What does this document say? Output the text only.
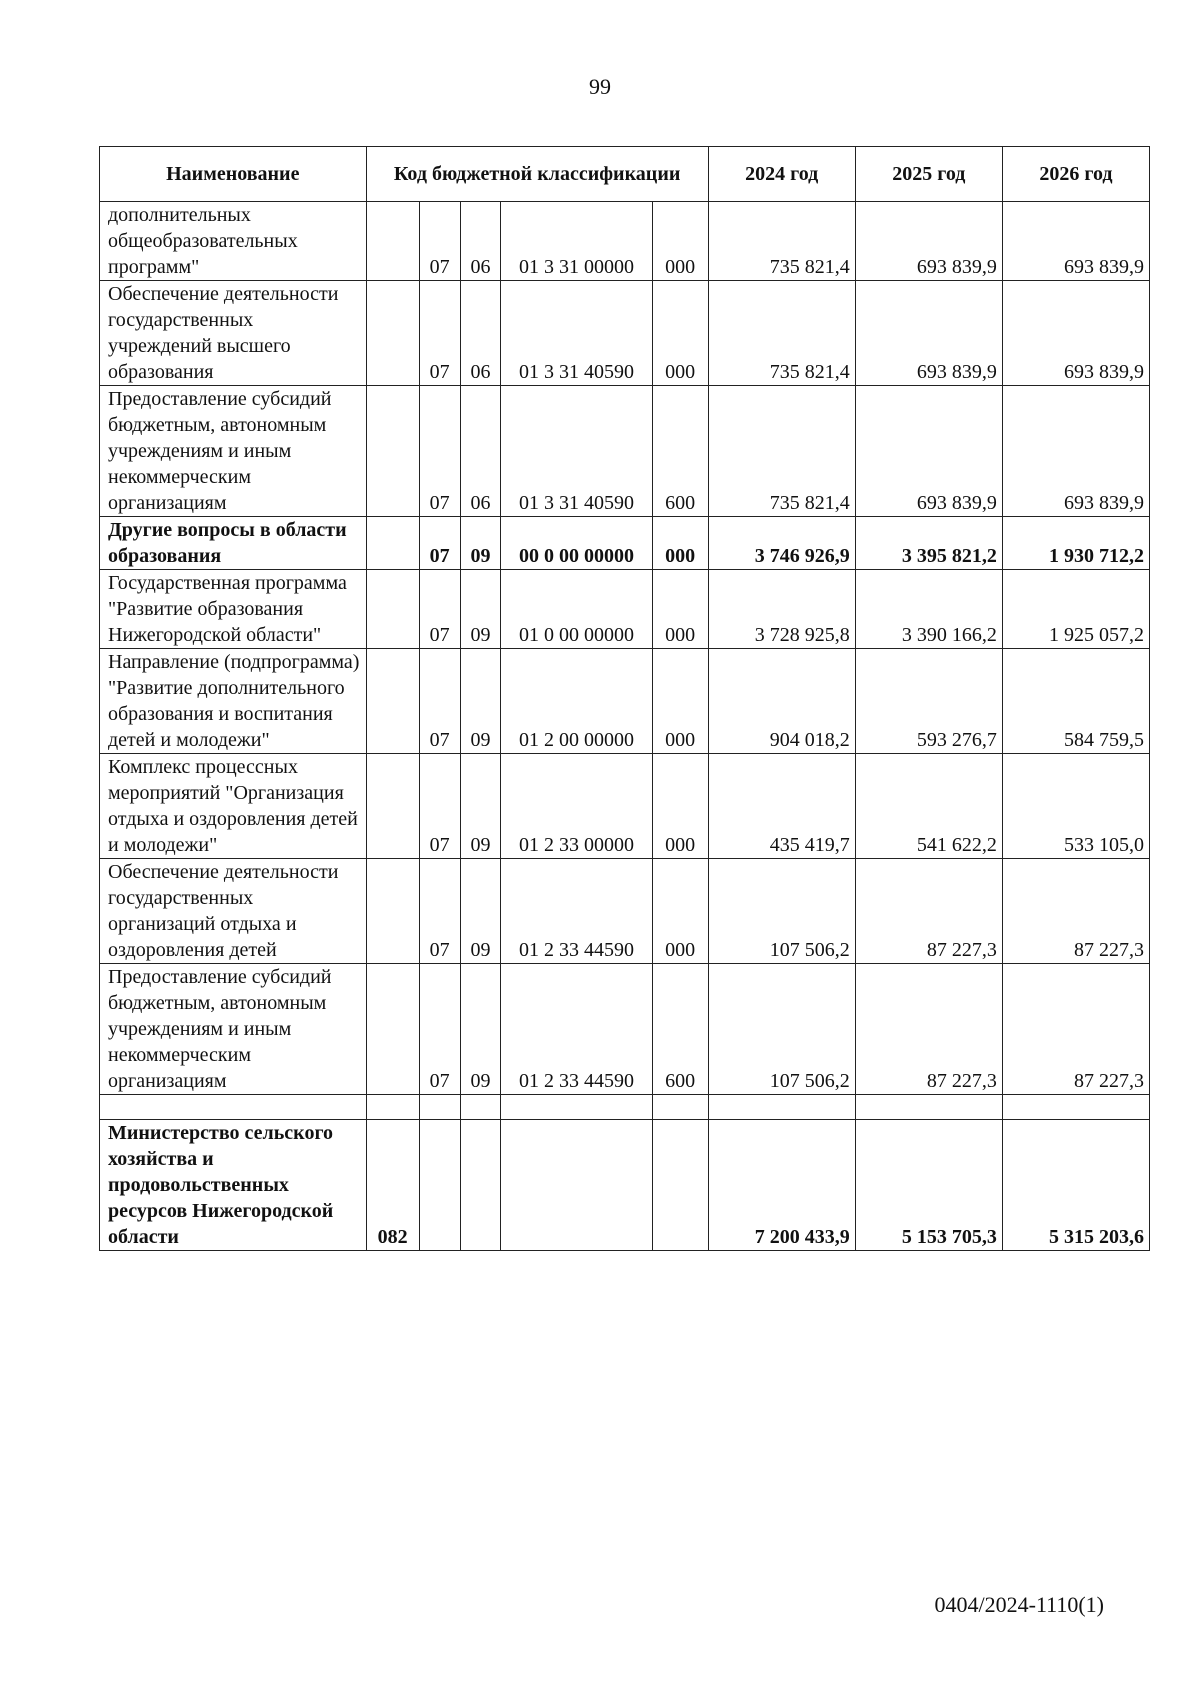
99
Наименование	Код бюджетной классификации					2024 год	2025 год	2026 год
дополнительных общеобразовательных программ"		07	06	01 3 31 00000	000	735 821,4	693 839,9	693 839,9
Обеспечение деятельности государственных учреждений высшего образования		07	06	01 3 31 40590	000	735 821,4	693 839,9	693 839,9
Предоставление субсидий бюджетным, автономным учреждениям и иным некоммерческим организациям		07	06	01 3 31 40590	600	735 821,4	693 839,9	693 839,9
Другие вопросы в области образования		07	09	00 0 00 00000	000	3 746 926,9	3 395 821,2	1 930 712,2
Государственная программа "Развитие образования Нижегородской области"		07	09	01 0 00 00000	000	3 728 925,8	3 390 166,2	1 925 057,2
Направление (подпрограмма) "Развитие дополнительного образования и воспитания детей и молодежи"		07	09	01 2 00 00000	000	904 018,2	593 276,7	584 759,5
Комплекс процессных мероприятий "Организация отдыха и оздоровления детей и молодежи"		07	09	01 2 33 00000	000	435 419,7	541 622,2	533 105,0
Обеспечение деятельности государственных организаций отдыха и оздоровления детей		07	09	01 2 33 44590	000	107 506,2	87 227,3	87 227,3
Предоставление субсидий бюджетным, автономным учреждениям и иным некоммерческим организациям		07	09	01 2 33 44590	600	107 506,2	87 227,3	87 227,3

Министерство сельского хозяйства и продовольственных ресурсов Нижегородской области	082					7 200 433,9	5 153 705,3	5 315 203,6
0404/2024-1110(1)
